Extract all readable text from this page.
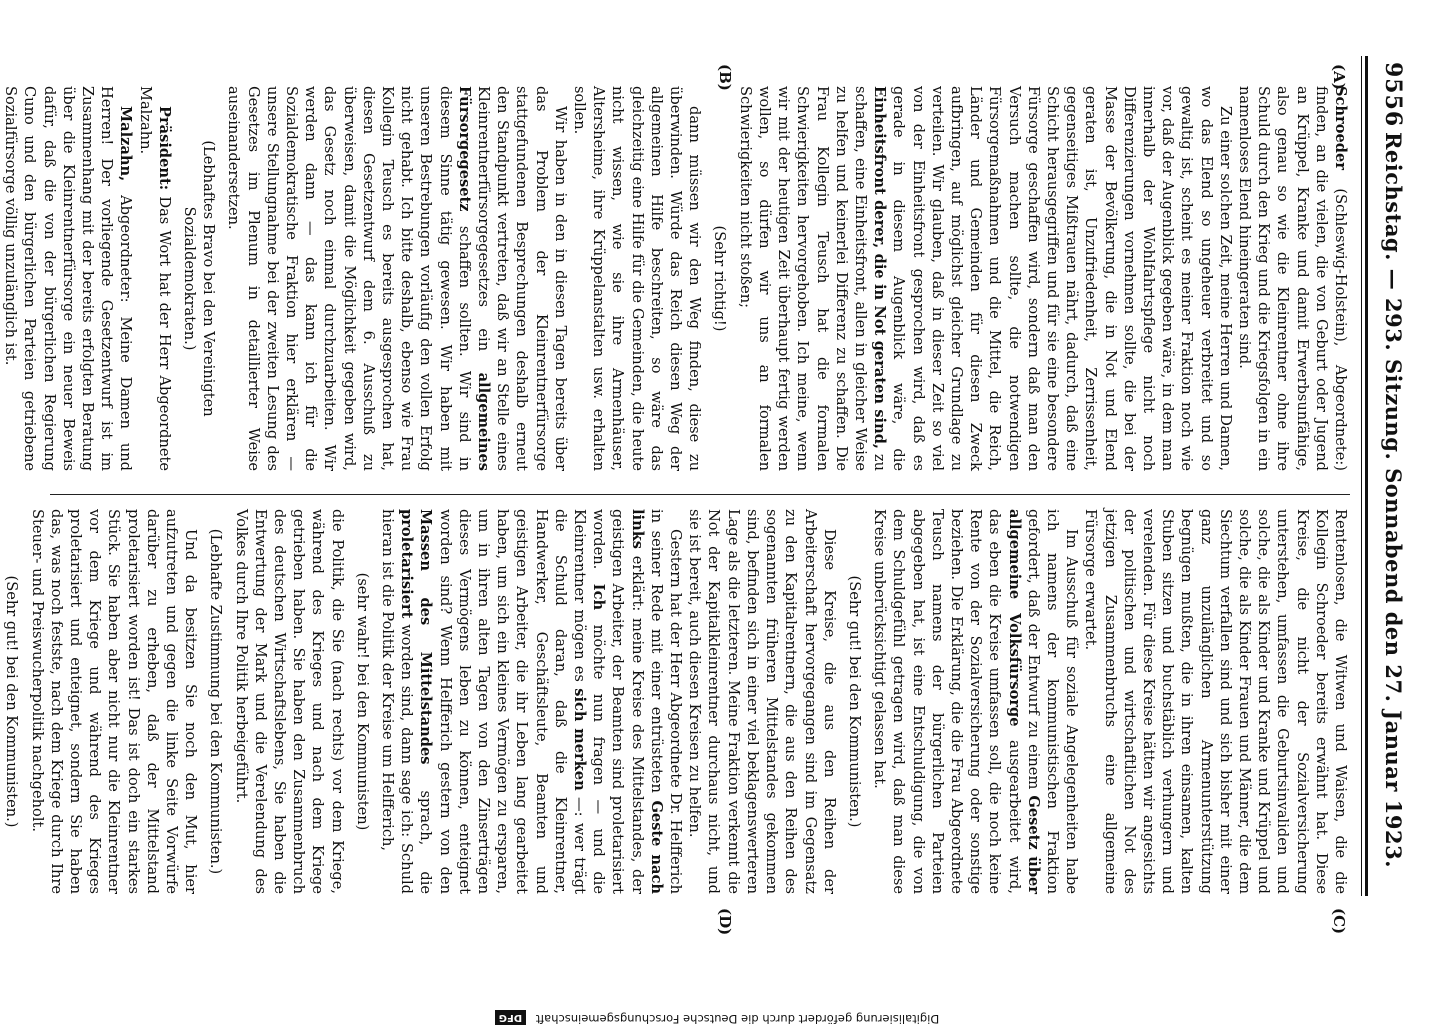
9556
Reichstag. — 293. Sitzung. Sonnabend den 27. Januar 1923.
(A)
(B)
(C)
(D)

Schroeder (Schleswig-Holstein), Abgeordnete:) finden, an die vielen, die von Geburt oder Jugend an Krüppel, Kranke und damit Erwerbsunfähige, also genau so wie die Kleinrentner ohne ihre Schuld durch den Krieg und die Kriegsfolgen in ein namenloses Elend hineingeraten sind.

Zu einer solchen Zeit, meine Herren und Damen, wo das Elend so ungeheuer verbreitet und so gewaltig ist, scheint es meiner Fraktion noch wie vor, daß der Augenblick gegeben wäre, in dem man innerhalb der Wohlfahrtspflege nicht noch Differenzierungen vornehmen sollte, die bei der Masse der Bevölkerung, die in Not und Elend geraten ist, Unzufriedenheit, Zerrissenheit, gegenseitiges Mißtrauen nährt, dadurch, daß eine Schicht herausgegriffen und für sie eine besondere Fürsorge geschaffen wird, sondern daß man den Versuch machen sollte, die notwendigen Fürsorgemaßnahmen und die Mittel, die Reich, Länder und Gemeinden für diesen Zweck aufbringen, auf möglichst gleicher Grundlage zu verteilen. Wir glauben, daß in dieser Zeit so viel von der Einheitsfront gesprochen wird, daß es gerade in diesem Augenblick wäre, die Einheitsfront derer, die in Not geraten sind, zu schaffen, eine Einheitsfront, allen in gleicher Weise zu helfen und keinerlei Differenz zu schaffen. Die Frau Kollegin Teusch hat die formalen Schwierigkeiten hervorgehoben. Ich meine, wenn wir mit der heutigen Zeit überhaupt fertig werden wollen, so dürfen wir uns an formalen Schwierigkeiten nicht stoßen;

(Sehr richtig!)

dann müssen wir den Weg finden, diese zu überwinden. Würde das Reich diesen Weg der allgemeinen Hilfe beschreiten, so wäre das gleichzeitig eine Hilfe für die Gemeinden, die heute nicht wissen, wie sie ihre Armenhäuser, Altersheime, ihre Krüppelanstalten usw. erhalten sollen.

Wir haben in den in diesen Tagen bereits über das Problem der Kleinrentnerfürsorge stattgefundenen Besprechungen deshalb erneut den Standpunkt vertreten, daß wir an Stelle eines Kleinrentnerfürsorgegesetzes ein allgemeines Fürsorgegesetz schaffen sollten. Wir sind in diesem Sinne tätig gewesen. Wir haben mit unseren Bestrebungen vorläufig den vollen Erfolg nicht gehabt. Ich bitte deshalb, ebenso wie Frau Kollegin Teusch es bereits ausgesprochen hat, diesen Gesetzentwurf dem 6. Ausschuß zu überweisen, damit die Möglichkeit gegeben wird, das Gesetz noch einmal durchzuarbeiten. Wir werden dann — das kann ich für die Sozialdemokratische Fraktion hier erklären — unsere Stellungnahme bei der zweiten Lesung des Gesetzes im Plenum in detaillierter Weise auseinandersetzen.

(Lebhaftes Bravo bei den Vereinigten Sozialdemokraten.)

Präsident: Das Wort hat der Herr Abgeordnete Malzahn.

Malzahn, Abgeordneter: Meine Damen und Herren! Der vorliegende Gesetzentwurf ist im Zusammenhang mit der bereits erfolgten Beratung über die Kleinrentnerfürsorge ein neuer Beweis dafür, daß die von der bürgerlichen Regierung Cuno und den bürgerlichen Parteien getriebene Sozialfürsorge völlig unzulänglich ist.

Rentenlosen, die Witwen und Waisen, die die Kollegin Schroeder bereits erwähnt hat. Diese Kreise, die nicht der Sozialversicherung unterstehen, umfassen die Geburtsinvaliden und solche, die als Kinder und Kranke und Krüppel und solche, die als Kinder Frauen und Männer, die dem Siechtum verfallen sind und sich bisher mit einer ganz unzulänglichen Armenunterstützung begnügen mußten, die in ihren einsamen, kalten Stuben sitzen und buchstäblich verhungern und verelenden. Für diese Kreise hätten wir angesichts der politischen und wirtschaftlichen Not des jetzigen Zusammenbruchs eine allgemeine Fürsorge erwartet.

Im Ausschuß für soziale Angelegenheiten habe ich namens der kommunistischen Fraktion gefordert, daß der Entwurf zu einem Gesetz über allgemeine Volksfürsorge ausgearbeitet wird, das eben die Kreise umfassen soll, die noch keine Rente von der Sozialversicherung oder sonstige beziehen. Die Erklärung, die die Frau Abgeordnete Teusch namens der bürgerlichen Parteien abgegeben hat, ist eine Entschuldigung, die von dem Schuldgefühl getragen wird, daß man diese Kreise unberücksichtigt gelassen hat.

(Sehr gut! bei den Kommunisten.)

Diese Kreise, die aus den Reihen der Arbeiterschaft hervorgegangen sind im Gegensatz zu den Kapitalrentnern, die aus den Reihen des sogenannten früheren Mittelstandes gekommen sind, befinden sich in einer viel beklagenswerteren Lage als die letzteren. Meine Fraktion verkennt die Not der Kapitalkleinrentner durchaus nicht, und sie ist bereit, auch diesen Kreisen zu helfen.

Gestern hat der Herr Abgeordnete Dr. Helfferich in seiner Rede mit einer entrüsteten Geste nach links erklärt: meine Kreise des Mittelstandes, der geistigen Arbeiter, der Beamten sind proletarisiert worden. Ich möchte nun fragen — und die Kleinrentner mögen es sich merken —: wer trägt die Schuld daran, daß die Kleinrentner, Handwerker, Geschäftsleute, Beamten und geistigen Arbeiter, die ihr Leben lang gearbeitet haben, um sich ein kleines Vermögen zu ersparen, um in ihren alten Tagen von den Zinserträgen dieses Vermögens leben zu können, enteignet worden sind? Wenn Helfferich gestern von den Massen des Mittelstandes sprach, die proletarisiert worden sind, dann sage ich: Schuld hieran ist die Politik der Kreise um Helfferich,

(sehr wahr! bei den Kommunisten)

die Politik, die Sie (nach rechts) vor dem Kriege, während des Krieges und nach dem Kriege getrieben haben. Sie haben den Zusammenbruch des deutschen Wirtschaftslebens, Sie haben die Entwertung der Mark und die Verelendung des Volkes durch Ihre Politik herbeigeführt.

(Lebhafte Zustimmung bei den Kommunisten.)

Und da besitzen Sie noch den Mut, hier aufzutreten und gegen die linke Seite Vorwürfe darüber zu erheben, daß der Mittelstand proletarisiert worden ist! Das ist doch ein starkes Stück. Sie haben aber nicht nur die Kleinrentner vor dem Kriege und während des Krieges proletarisiert und enteignet, sondern Sie haben das, was noch festste, nach dem Kriege durch Ihre Steuer- und Preiswucherpolitik nachgeholt.

(Sehr gut! bei den Kommunisten.)

Digitalisierung gefördert durch die Deutsche Forschungsgemeinschaft DFG
